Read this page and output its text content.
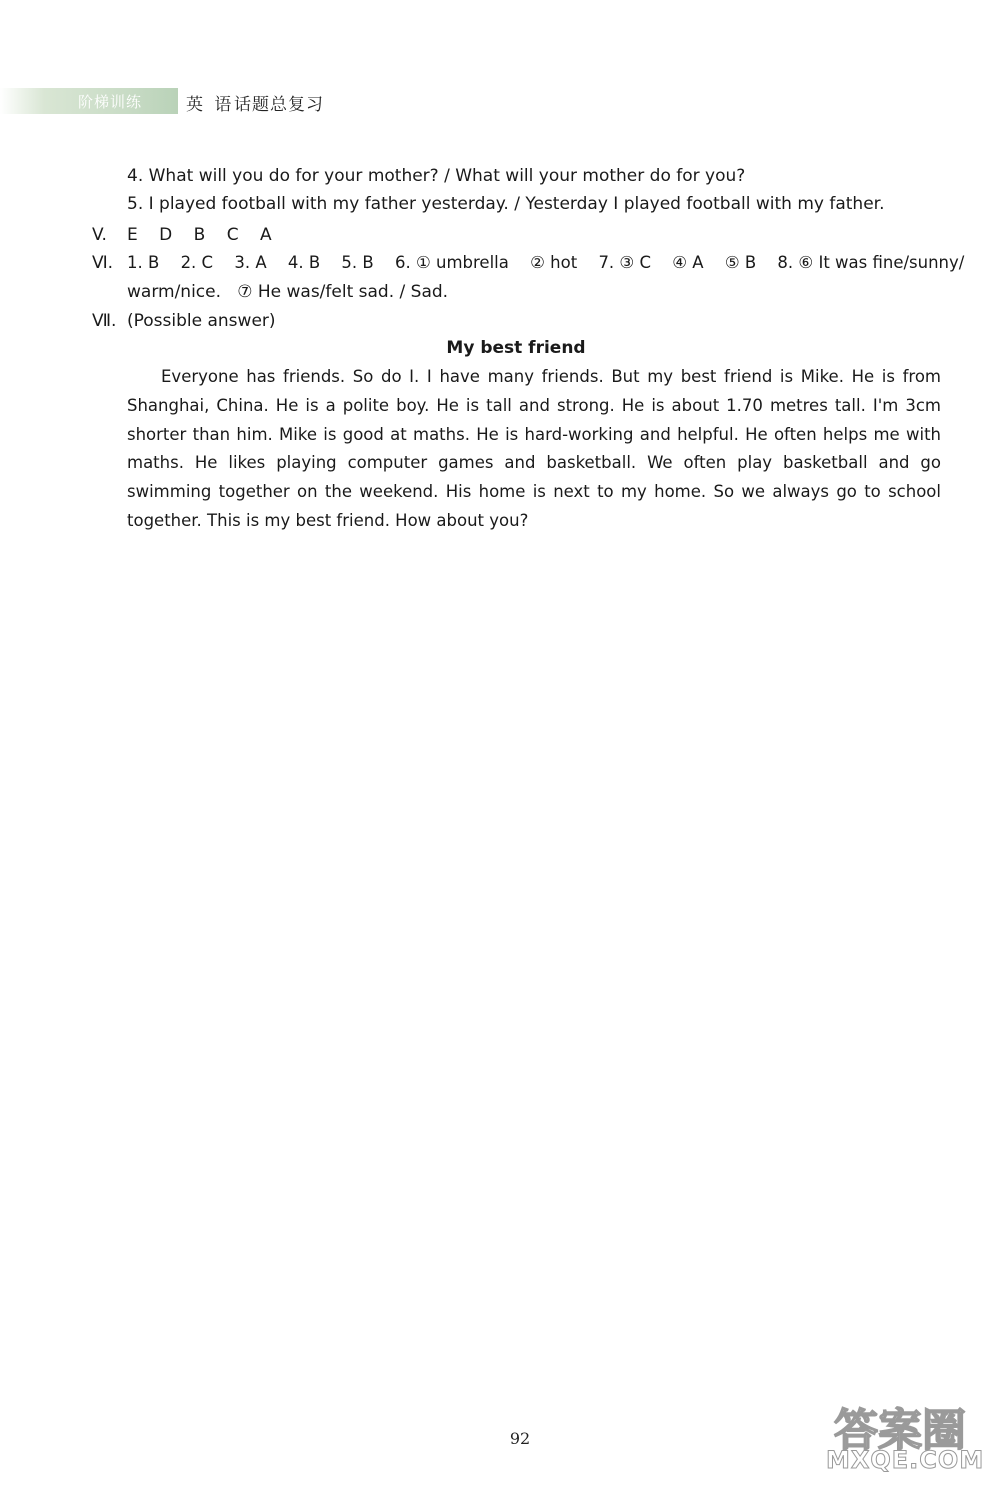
阶梯训练	英 语 话题总复习
4. What will you do for your mother? / What will your mother do for you?
5. I played football with my father yesterday. / Yesterday I played football with my father.
V. E D B C A
Ⅵ. 1. B 2. C 3. A 4. B 5. B 6. ① umbrella ② hot 7. ③ C ④ A ⑤ B 8. ⑥ It was fine/sunny/
warm/nice.   ⑦ He was/felt sad. / Sad.
Ⅶ. (Possible answer)
My best friend
Everyone has friends. So do I. I have many friends. But my best friend is Mike. He is from Shanghai, China. He is a polite boy. He is tall and strong. He is about 1.70 metres tall. I'm 3cm shorter than him. Mike is good at maths. He is hard-working and helpful. He often helps me with maths. He likes playing computer games and basketball. We often play basketball and go swimming together on the weekend. His home is next to my home. So we always go to school together. This is my best friend. How about you?
92	答案圈
MXQE.COM
